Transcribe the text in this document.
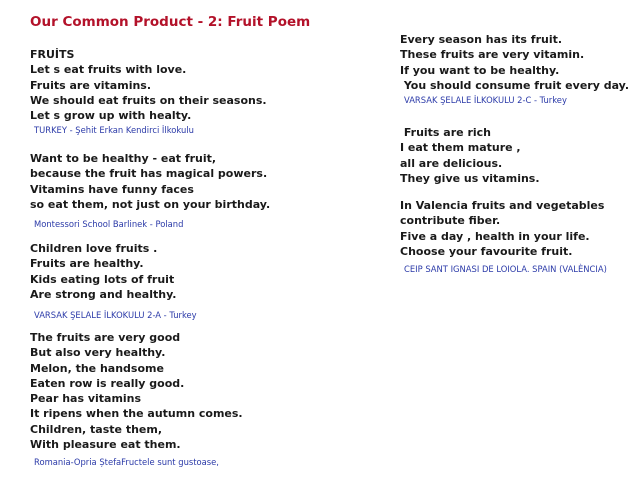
Our Common Product - 2: Fruit Poem
FRUİTS
Let s eat fruits with love.
Fruits are vitamins.
We should eat fruits on their seasons.
Let s grow up with healty.
TURKEY - Şehit Erkan Kendirci İlkokulu
Want to be healthy - eat fruit,
because the fruit has magical powers.
Vitamins have funny faces
so eat them, not just on your birthday.
Montessori School Barlinek - Poland
Children love fruits .
Fruits are healthy.
Kids eating lots of fruit
Are strong and healthy.
VARSAK ŞELALE İLKOKULU 2-A - Turkey
The fruits are very good
But also very healthy.
Melon, the handsome
Eaten row is really good.
Pear has vitamins
It ripens when the autumn comes.
Children, taste them,
With pleasure eat them.
Romania-Opria ȘtefaFructele sunt gustoase,
Every season has its fruit.
These fruits are very vitamin.
If you want to be healthy.
You should consume fruit every day.
VARSAK ŞELALE İLKOKULU 2-C - Turkey
Fruits are rich
I eat them mature ,
all are delicious.
They give us vitamins.
In Valencia fruits and vegetables
contribute fiber.
Five a day , health in your life.
Choose your favourite fruit.
CEIP SANT IGNASI DE LOIOLA. SPAIN (VALÈNCIA)
